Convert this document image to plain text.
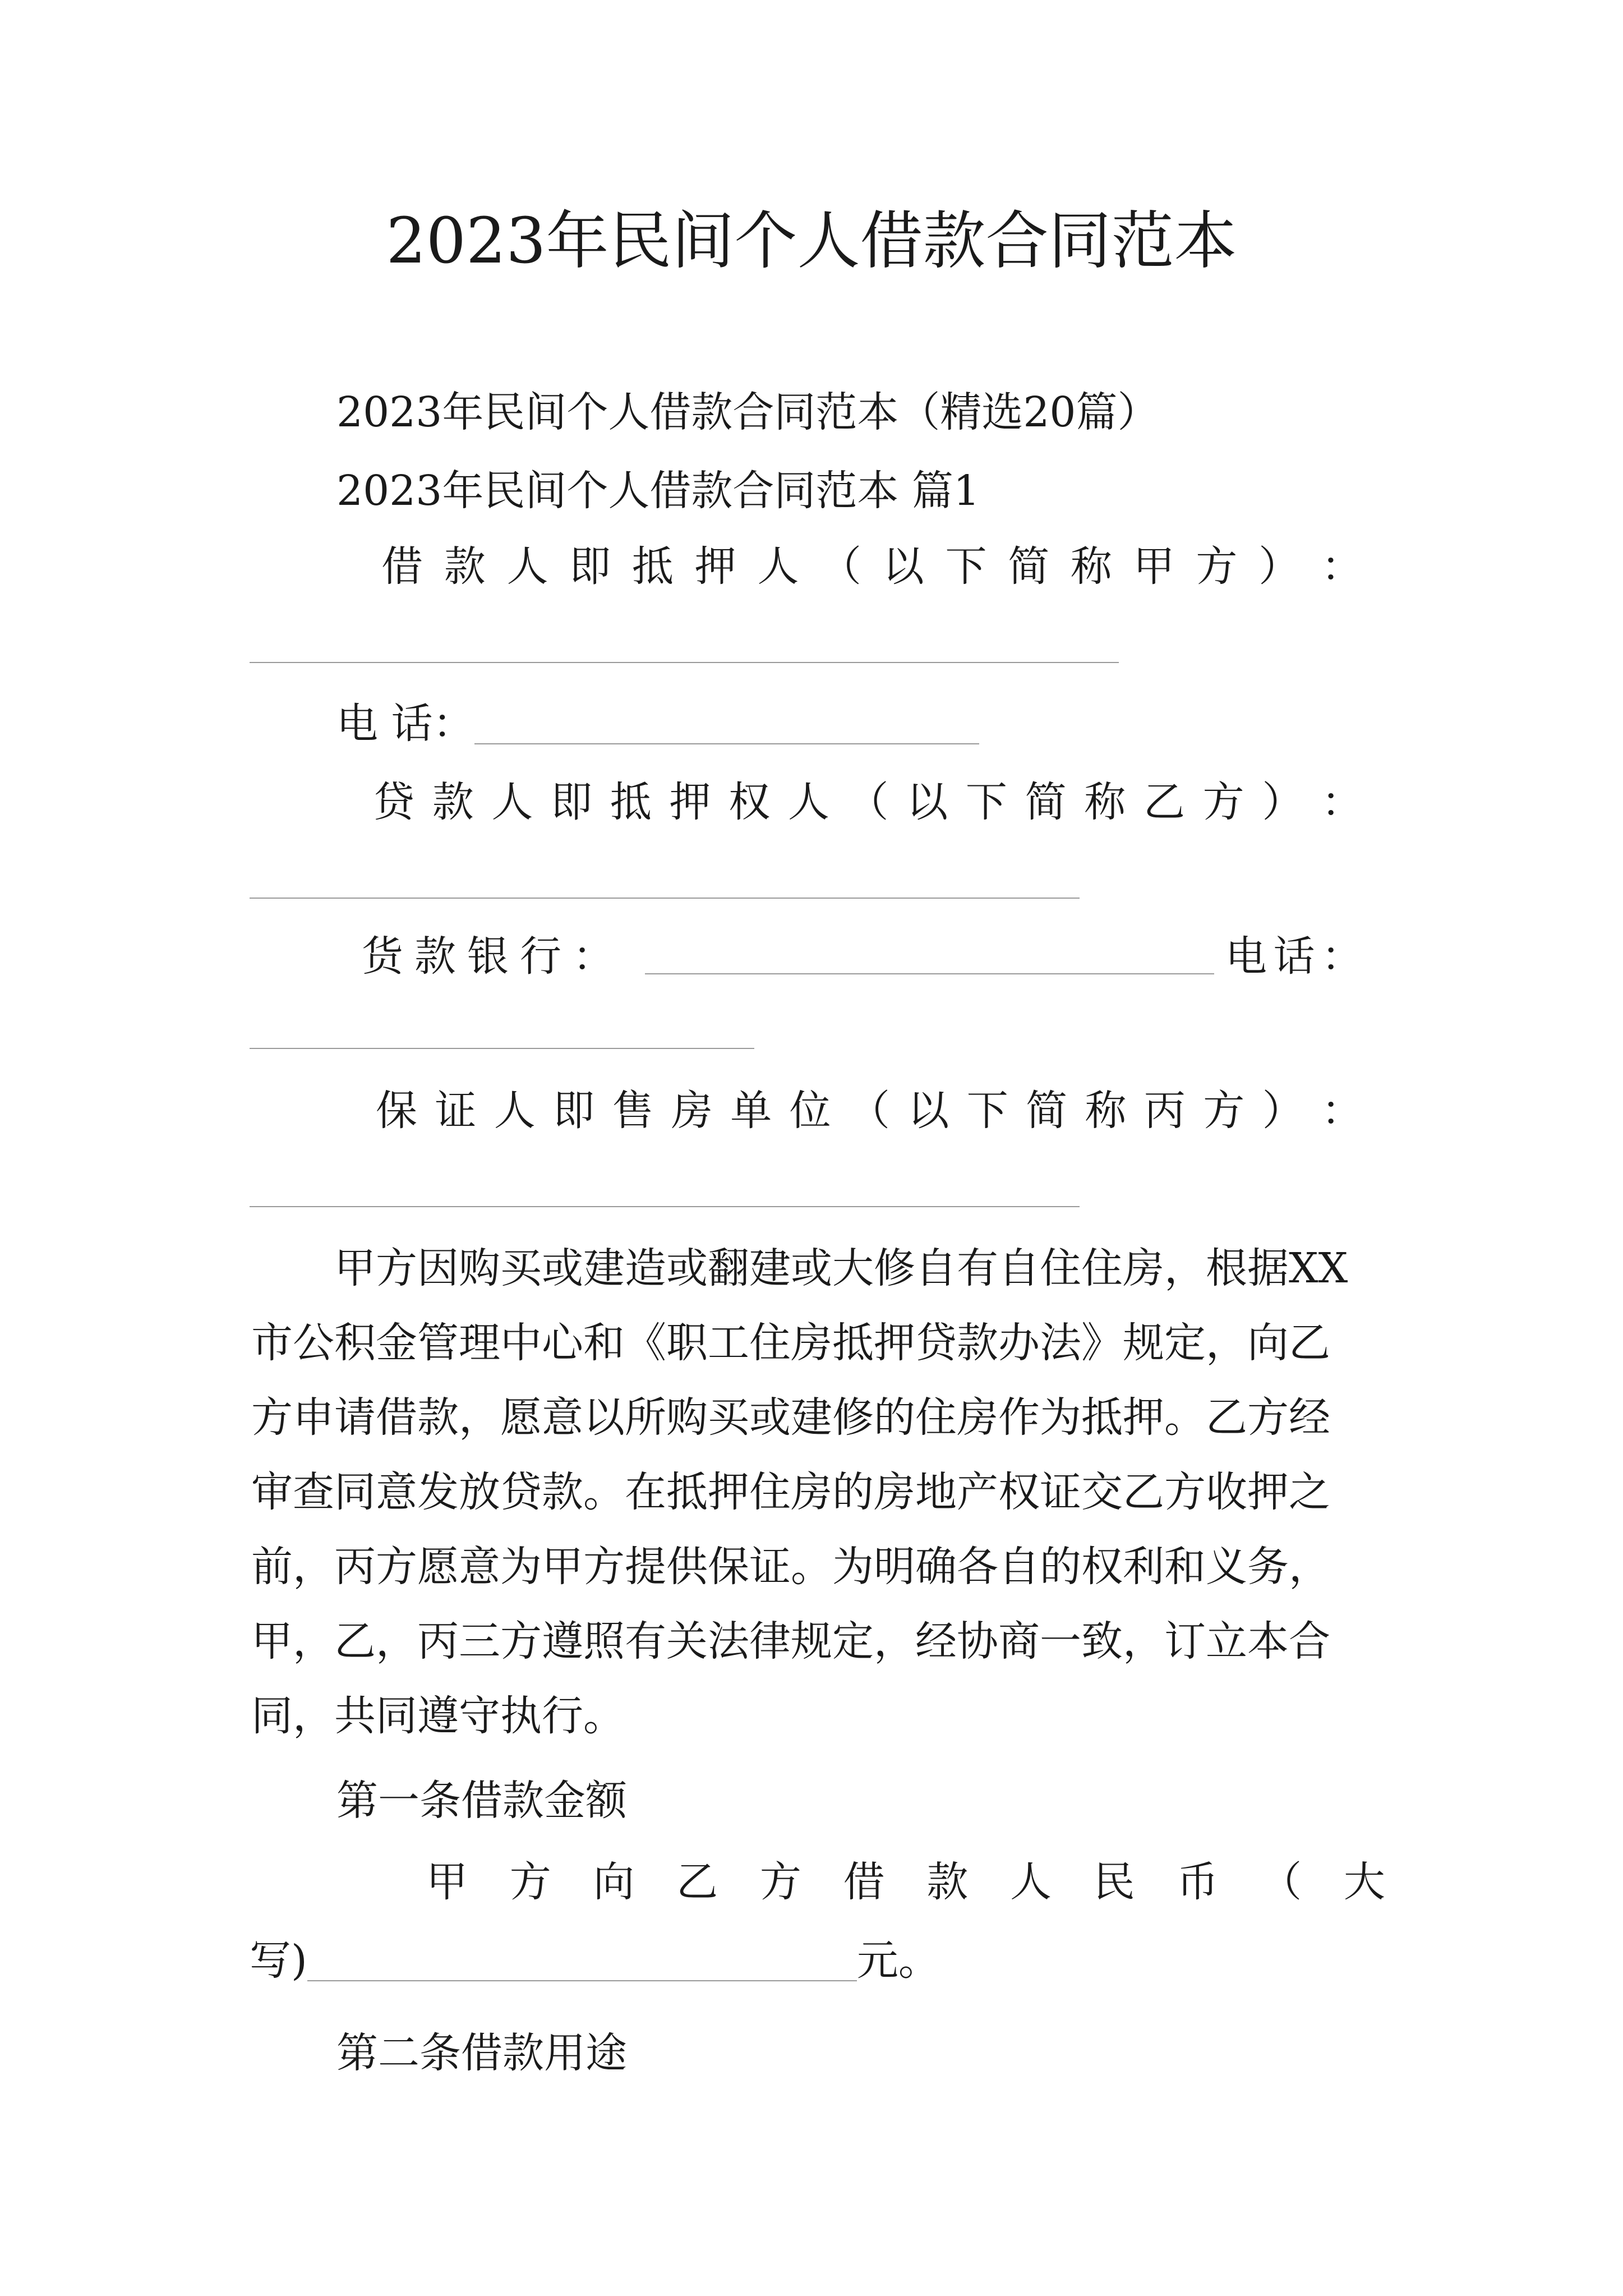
2023年民间个人借款合同范本
2023年民间个人借款合同范本（精选20篇）
2023年民间个人借款合同范本 篇1
借 款 人 即 抵 押 人 （ 以 下 简 称 甲 方 ） ：
电 话：
贷 款 人 即 抵 押 权 人 （ 以 下 简 称 乙 方 ） ：
货 款 银 行 ：	电 话 ：
保 证 人 即 售 房 单 位 （ 以 下 简 称 丙 方 ） ：
　　甲方因购买或建造或翻建或大修自有自住住房，根据XX
市公积金管理中心和《职工住房抵押贷款办法》规定，向乙
方申请借款，愿意以所购买或建修的住房作为抵押。乙方经
审查同意发放贷款。在抵押住房的房地产权证交乙方收押之
前，丙方愿意为甲方提供保证。为明确各自的权利和义务，
甲，乙，丙三方遵照有关法律规定，经协商一致，订立本合
同，共同遵守执行。
第一条借款金额
甲 方 向 乙 方 借 款 人 民 币 （ 大
写)	元。
第二条借款用途
